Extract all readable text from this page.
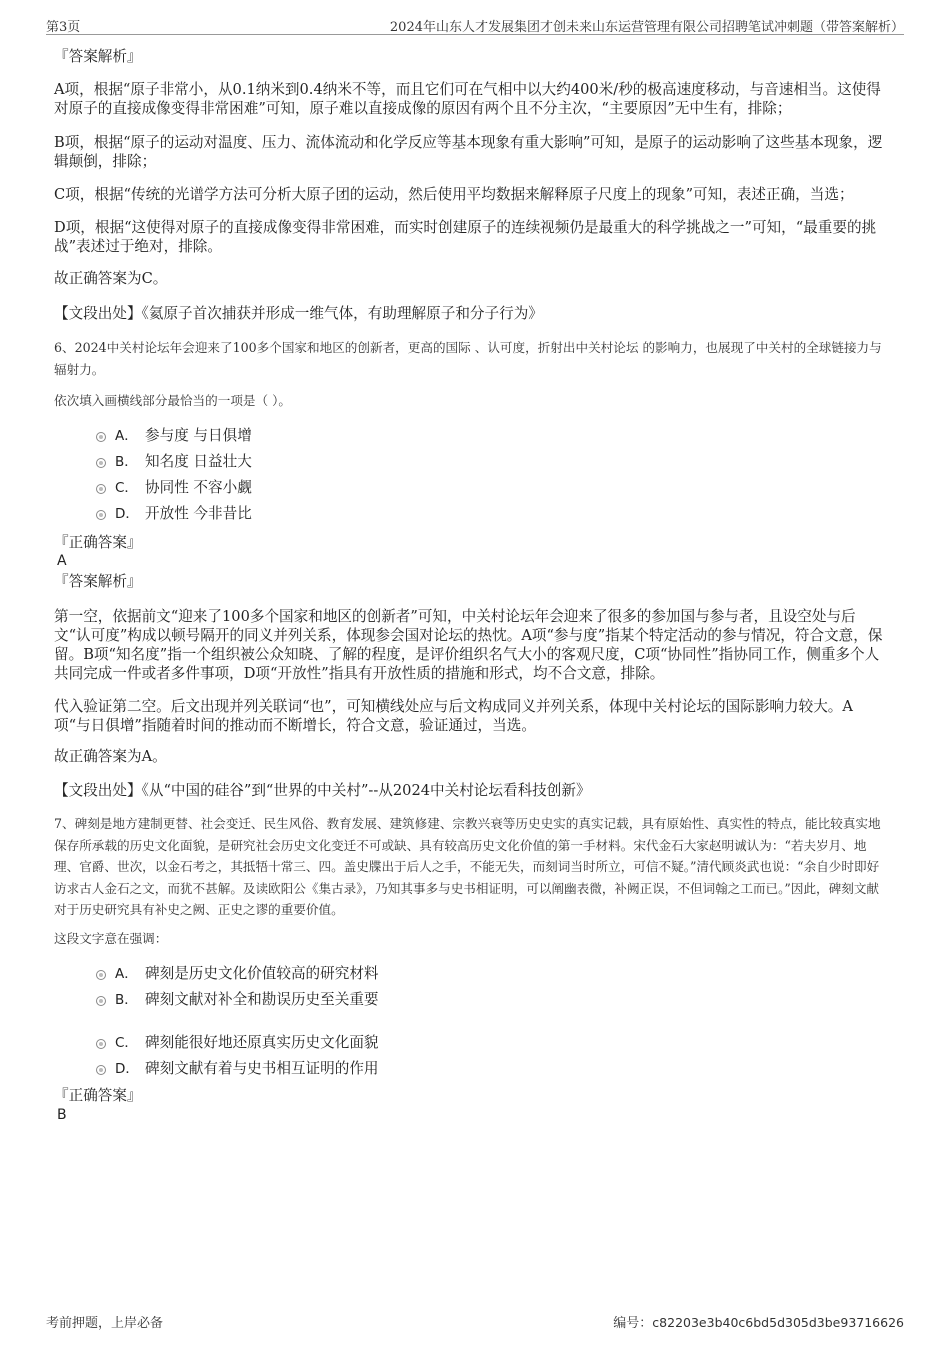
第3页	2024年山东人才发展集团才创未来山东运营管理有限公司招聘笔试冲刺题（带答案解析）
『答案解析』
A项，根据“原子非常小，从0.1纳米到0.4纳米不等，而且它们可在气相中以大约400米/秒的极高速度移动，与音速相当。这使得对原子的直接成像变得非常困难”可知，原子难以直接成像的原因有两个且不分主次，“主要原因”无中生有，排除；
B项，根据“原子的运动对温度、压力、流体流动和化学反应等基本现象有重大影响”可知，是原子的运动影响了这些基本现象，逻辑颠倒，排除；
C项，根据“传统的光谱学方法可分析大原子团的运动，然后使用平均数据来解释原子尺度上的现象”可知，表述正确，当选；
D项，根据“这使得对原子的直接成像变得非常困难，而实时创建原子的连续视频仍是最重大的科学挑战之一”可知，“最重要的挑战”表述过于绝对，排除。
故正确答案为C。
【文段出处】《氦原子首次捕获并形成一维气体，有助理解原子和分子行为》
6、2024中关村论坛年会迎来了100多个国家和地区的创新者，更高的国际 、认可度，折射出中关村论坛 的影响力，也展现了中关村的全球链接力与辐射力。
依次填入画横线部分最恰当的一项是（ ）。
A． 参与度 与日俱增
B． 知名度 日益壮大
C． 协同性 不容小觑
D． 开放性 今非昔比
『正确答案』
A
『答案解析』
第一空，依据前文“迎来了100多个国家和地区的创新者”可知，中关村论坛年会迎来了很多的参加国与参与者，且设空处与后文“认可度”构成以顿号隔开的同义并列关系，体现参会国对论坛的热忱。A项“参与度”指某个特定活动的参与情况，符合文意，保留。B项“知名度”指一个组织被公众知晓、了解的程度，是评价组织名气大小的客观尺度，C项“协同性”指协同工作，侧重多个人共同完成一件或者多件事项，D项“开放性”指具有开放性质的措施和形式，均不合文意，排除。
代入验证第二空。后文出现并列关联词“也”，可知横线处应与后文构成同义并列关系，体现中关村论坛的国际影响力较大。A项“与日俱增”指随着时间的推动而不断增长，符合文意，验证通过，当选。
故正确答案为A。
【文段出处】《从“中国的硅谷”到“世界的中关村”--从2024中关村论坛看科技创新》
7、碑刻是地方建制更替、社会变迁、民生风俗、教育发展、建筑修建、宗教兴衰等历史史实的真实记载，具有原始性、真实性的特点，能比较真实地保存所承载的历史文化面貌，是研究社会历史文化变迁不可或缺、具有较高历史文化价值的第一手材料。宋代金石大家赵明诚认为：“若夫岁月、地理、官爵、世次，以金石考之，其抵牾十常三、四。盖史牒出于后人之手，不能无失，而刻词当时所立，可信不疑。”清代顾炎武也说：“余自少时即好访求古人金石之文，而犹不甚解。及读欧阳公《集古录》，乃知其事多与史书相证明，可以阐幽表微，补阙正误，不但词翰之工而已。”因此，碑刻文献对于历史研究具有补史之阙、正史之谬的重要价值。
这段文字意在强调：
A． 碑刻是历史文化价值较高的研究材料
B． 碑刻文献对补全和勘误历史至关重要
C． 碑刻能很好地还原真实历史文化面貌
D． 碑刻文献有着与史书相互证明的作用
『正确答案』
B
考前押题，上岸必备	编号：c82203e3b40c6bd5d305d3be93716626
